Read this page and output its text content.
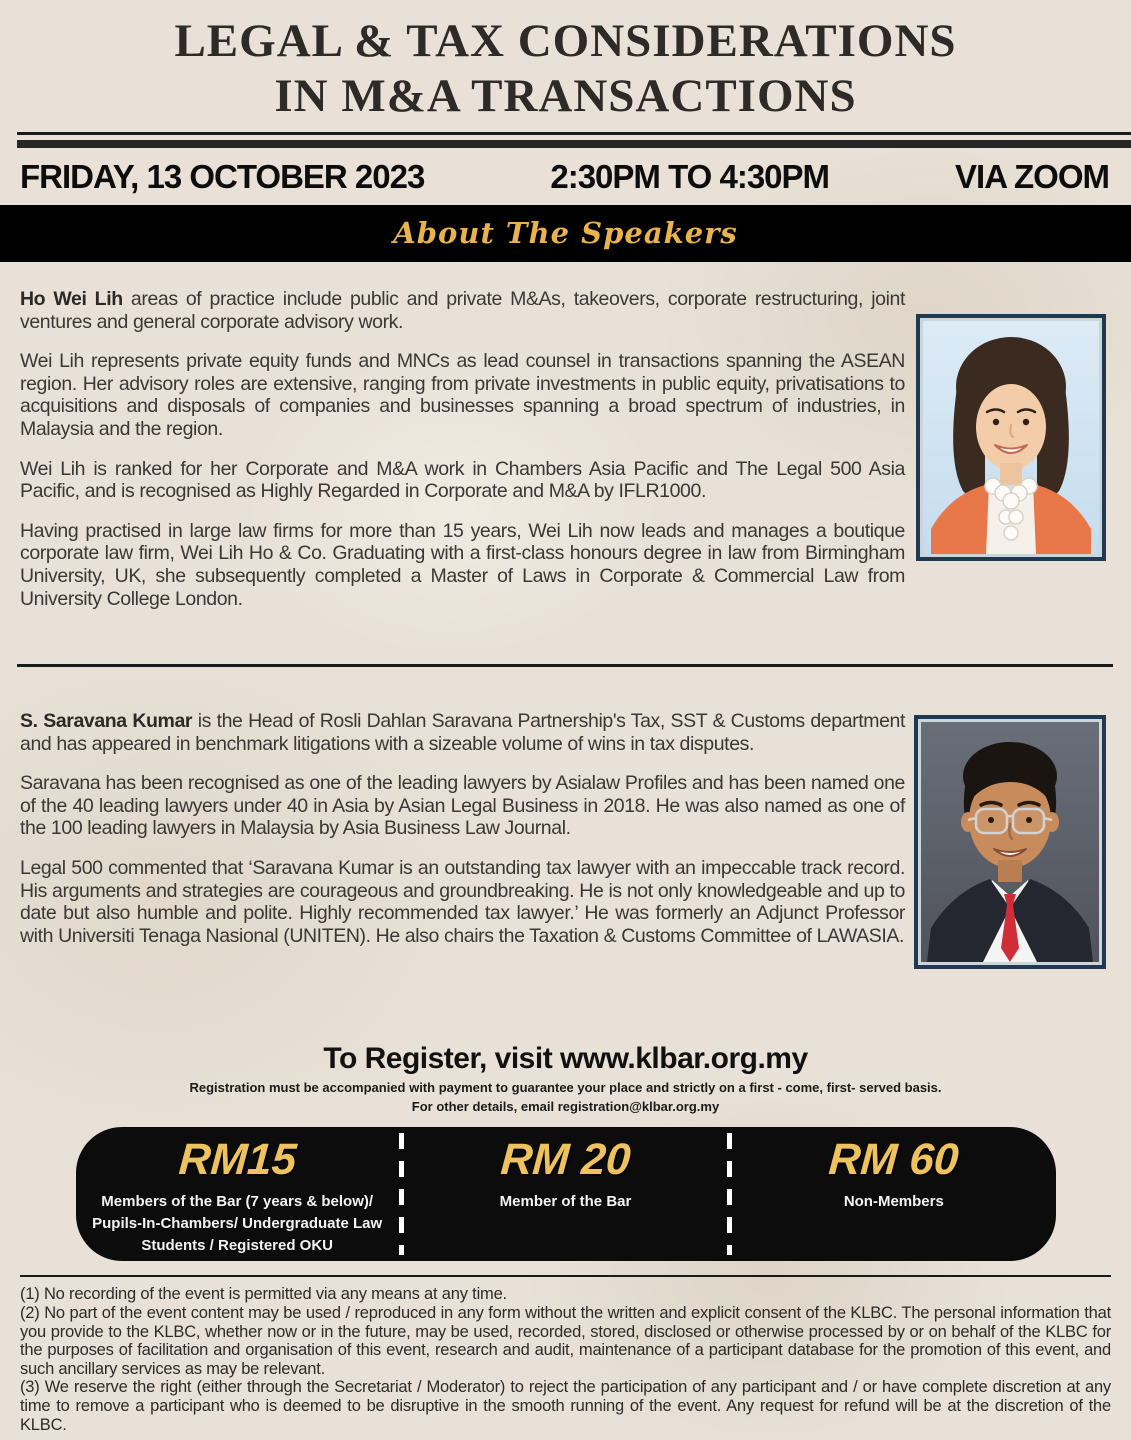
LEGAL & TAX CONSIDERATIONS
IN M&A TRANSACTIONS
FRIDAY, 13 OCTOBER 2023	2:30PM TO 4:30PM	VIA ZOOM
About The Speakers

Ho Wei Lih areas of practice include public and private M&As, takeovers, corporate restructuring, joint ventures and general corporate advisory work.

Wei Lih represents private equity funds and MNCs as lead counsel in transactions spanning the ASEAN region. Her advisory roles are extensive, ranging from private investments in public equity, privatisations to acquisitions and disposals of companies and businesses spanning a broad spectrum of industries, in Malaysia and the region.

Wei Lih is ranked for her Corporate and M&A work in Chambers Asia Pacific and The Legal 500 Asia Pacific, and is recognised as Highly Regarded in Corporate and M&A by IFLR1000.

Having practised in large law firms for more than 15 years, Wei Lih now leads and manages a boutique corporate law firm, Wei Lih Ho & Co. Graduating with a first-class honours degree in law from Birmingham University, UK, she subsequently completed a Master of Laws in Corporate & Commercial Law from University College London.

S. Saravana Kumar is the Head of Rosli Dahlan Saravana Partnership's Tax, SST & Customs department and has appeared in benchmark litigations with a sizeable volume of wins in tax disputes.

Saravana has been recognised as one of the leading lawyers by Asialaw Profiles and has been named one of the 40 leading lawyers under 40 in Asia by Asian Legal Business in 2018. He was also named as one of the 100 leading lawyers in Malaysia by Asia Business Law Journal.

Legal 500 commented that ‘Saravana Kumar is an outstanding tax lawyer with an impeccable track record. His arguments and strategies are courageous and groundbreaking. He is not only knowledgeable and up to date but also humble and polite. Highly recommended tax lawyer.’ He was formerly an Adjunct Professor with Universiti Tenaga Nasional (UNITEN). He also chairs the Taxation & Customs Committee of LAWASIA.

To Register, visit www.klbar.org.my
Registration must be accompanied with payment to guarantee your place and strictly on a first - come, first- served basis.
For other details, email registration@klbar.org.my
RM15
Members of the Bar (7 years & below)/
Pupils-In-Chambers/ Undergraduate Law
Students / Registered OKU
RM 20
Member of the Bar
RM 60
Non-Members

(1) No recording of the event is permitted via any means at any time.

(2) No part of the event content may be used / reproduced in any form without the written and explicit consent of the KLBC. The personal information that you provide to the KLBC, whether now or in the future, may be used, recorded, stored, disclosed or otherwise processed by or on behalf of the KLBC for the purposes of facilitation and organisation of this event, research and audit, maintenance of a participant database for the promotion of this event, and such ancillary services as may be relevant.

(3) We reserve the right (either through the Secretariat / Moderator) to reject the participation of any participant and / or have complete discretion at any time to remove a participant who is deemed to be disruptive in the smooth running of the event. Any request for refund will be at the discretion of the KLBC.
